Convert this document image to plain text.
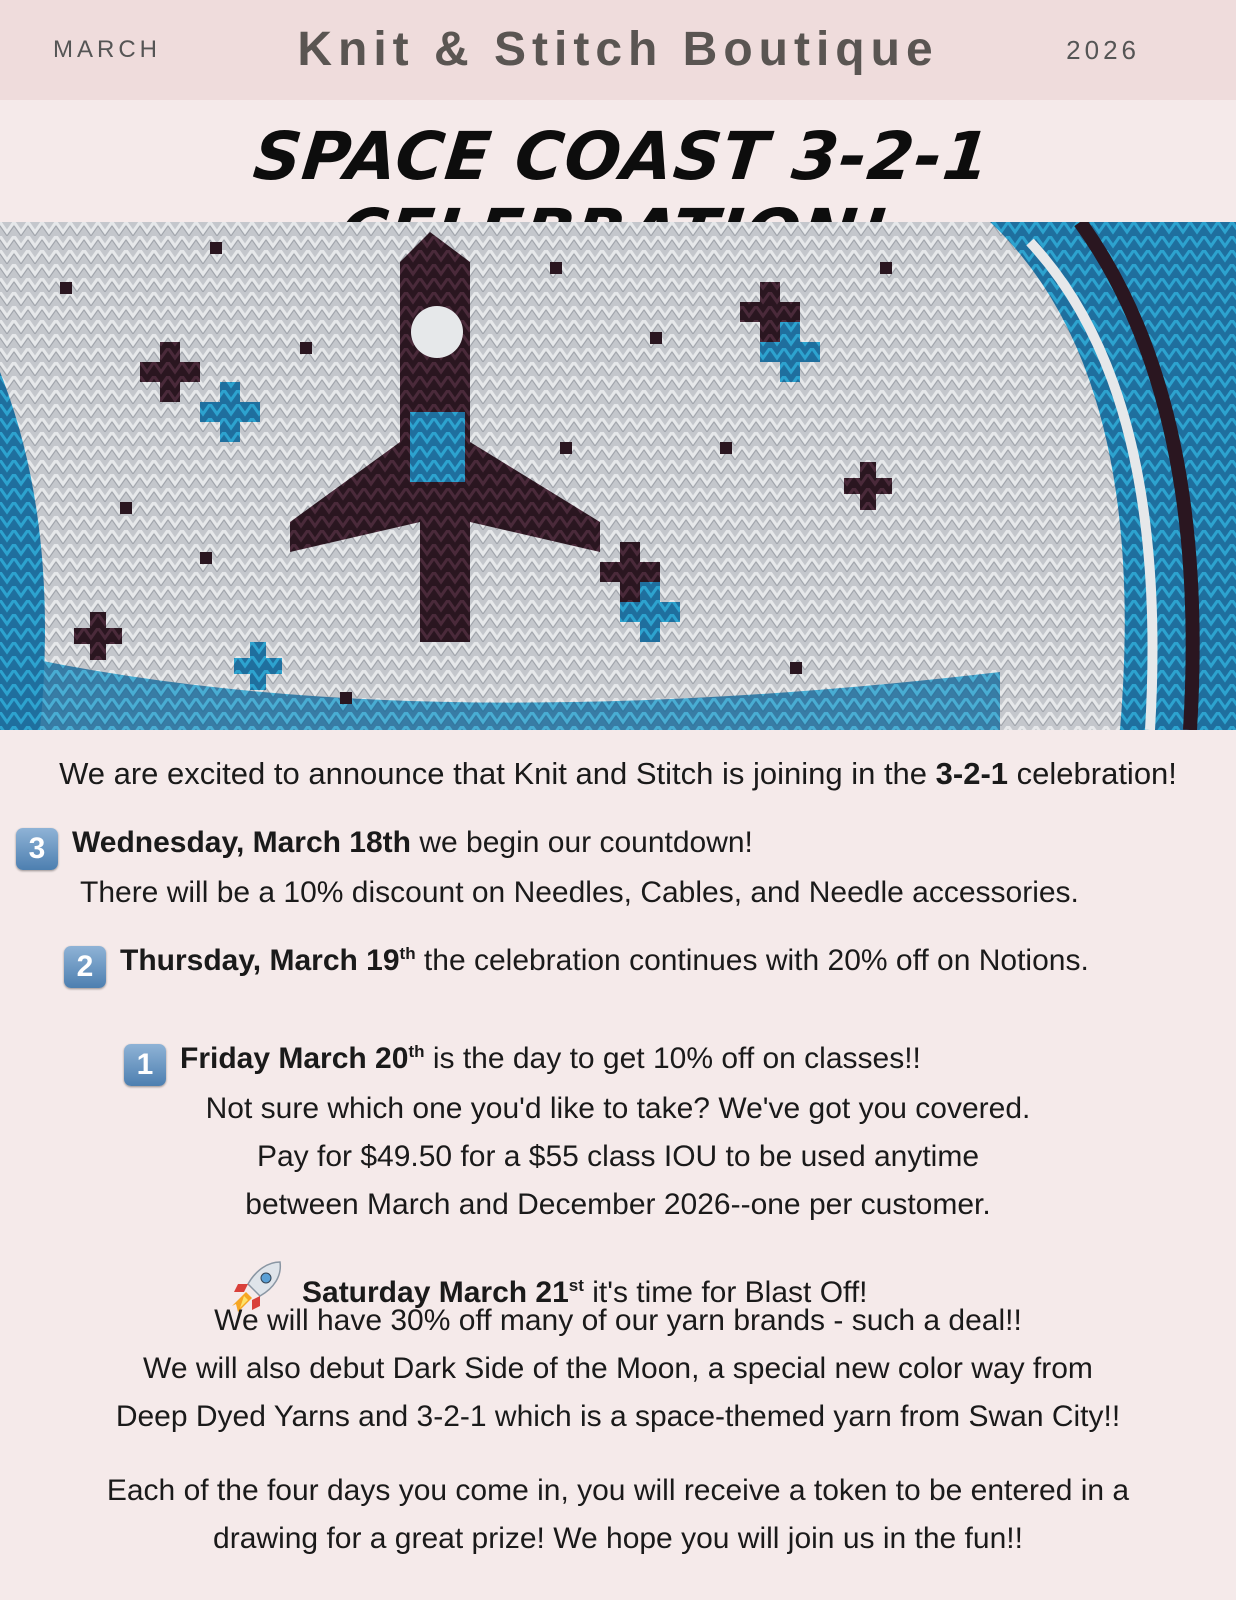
MARCH	Knit & Stitch Boutique	2026
SPACE COAST 3-2-1
We are excited to announce that Knit and Stitch is joining in the 3-2-1 celebration!
3 Wednesday, March 18th we begin our countdown!
There will be a 10% discount on Needles, Cables, and Needle accessories.
2 Thursday, March 19th the celebration continues with 20% off on Notions.
1 Friday March 20th is the day to get 10% off on classes!!
Not sure which one you'd like to take? We've got you covered.
Pay for $49.50 for a $55 class IOU to be used anytime
between March and December 2026--one per customer.
Saturday March 21st it's time for Blast Off!
We will have 30% off many of our yarn brands - such a deal!!
We will also debut Dark Side of the Moon, a special new color way from
Deep Dyed Yarns and 3-2-1 which is a space-themed yarn from Swan City!!
Each of the four days you come in, you will receive a token to be entered in a
drawing for a great prize! We hope you will join us in the fun!!
